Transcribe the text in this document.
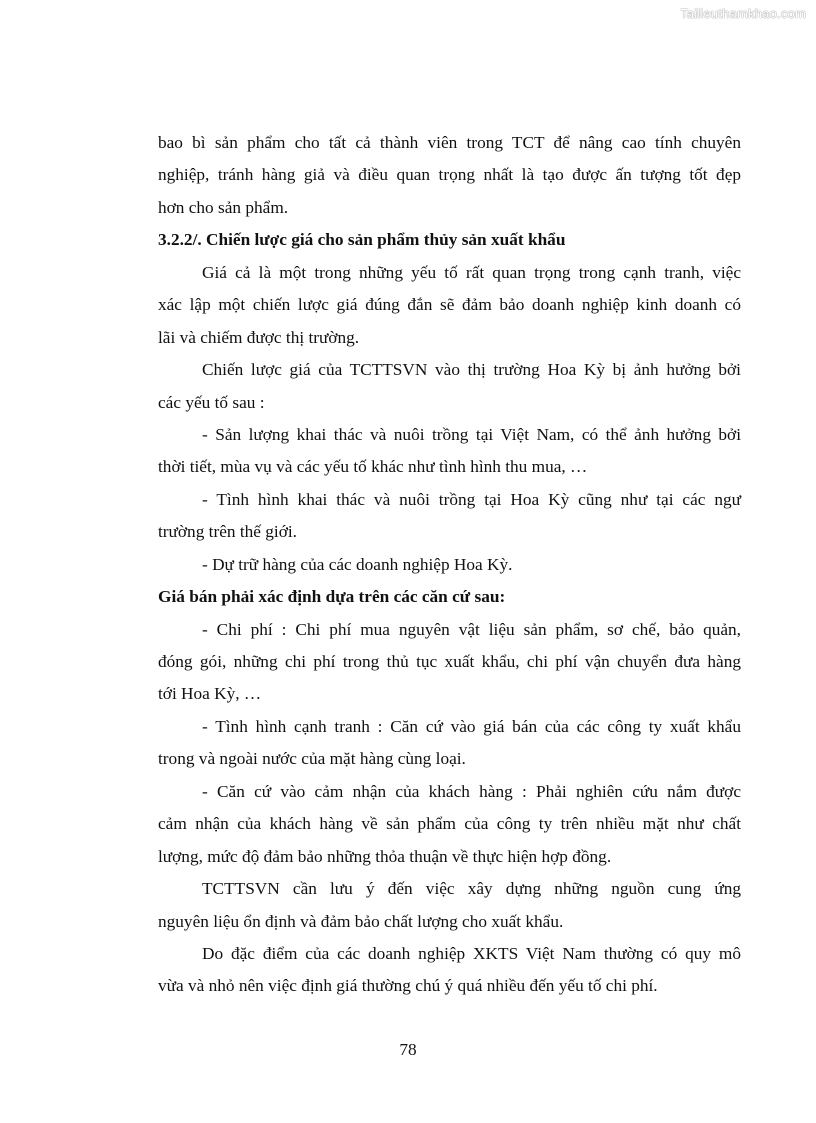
Tailieuthamkhao.com
bao bì sản phẩm cho tất cả thành viên trong TCT để nâng cao tính chuyên
nghiệp, tránh hàng giả và điều quan trọng nhất là tạo được ấn tượng tốt đẹp
hơn cho sản phẩm.
3.2.2/. Chiến lược giá cho sản phẩm thủy sản xuất khẩu
Giá cả là một trong những yếu tố rất quan trọng trong cạnh tranh, việc
xác lập một chiến lược giá đúng đắn sẽ đảm bảo doanh nghiệp kinh doanh có
lãi và chiếm được thị trường.
Chiến lược giá của TCTTSVN vào thị trường Hoa Kỳ bị ảnh hưởng bởi
các yếu tố sau :
- Sản lượng khai thác và nuôi trồng tại Việt Nam, có thể ảnh hưởng bởi
thời tiết, mùa vụ và các yếu tố khác như tình hình thu mua, …
- Tình hình khai thác và nuôi trồng tại Hoa Kỳ cũng như tại các ngư
trường trên thế giới.
- Dự trữ hàng của các doanh nghiệp Hoa Kỳ.
Giá bán phải xác định dựa trên các căn cứ sau:
- Chi phí : Chi phí mua nguyên vật liệu sản phẩm, sơ chế, bảo quản,
đóng gói, những chi phí trong thủ tục xuất khẩu, chi phí vận chuyển đưa hàng
tới Hoa Kỳ, …
- Tình hình cạnh tranh : Căn cứ vào giá bán của các công ty xuất khẩu
trong và ngoài nước của mặt hàng cùng loại.
- Căn cứ vào cảm nhận của khách hàng : Phải nghiên cứu nắm được
cảm nhận của khách hàng về sản phẩm của công ty trên nhiều mặt như chất
lượng, mức độ đảm bảo những thỏa thuận về thực hiện hợp đồng.
TCTTSVN cần lưu ý đến việc xây dựng những nguồn cung ứng
nguyên liệu ổn định và đảm bảo chất lượng cho xuất khẩu.
Do đặc điểm của các doanh nghiệp XKTS Việt Nam thường có quy mô
vừa và nhỏ nên việc định giá thường chú ý quá nhiều đến yếu tố chi phí.
78
